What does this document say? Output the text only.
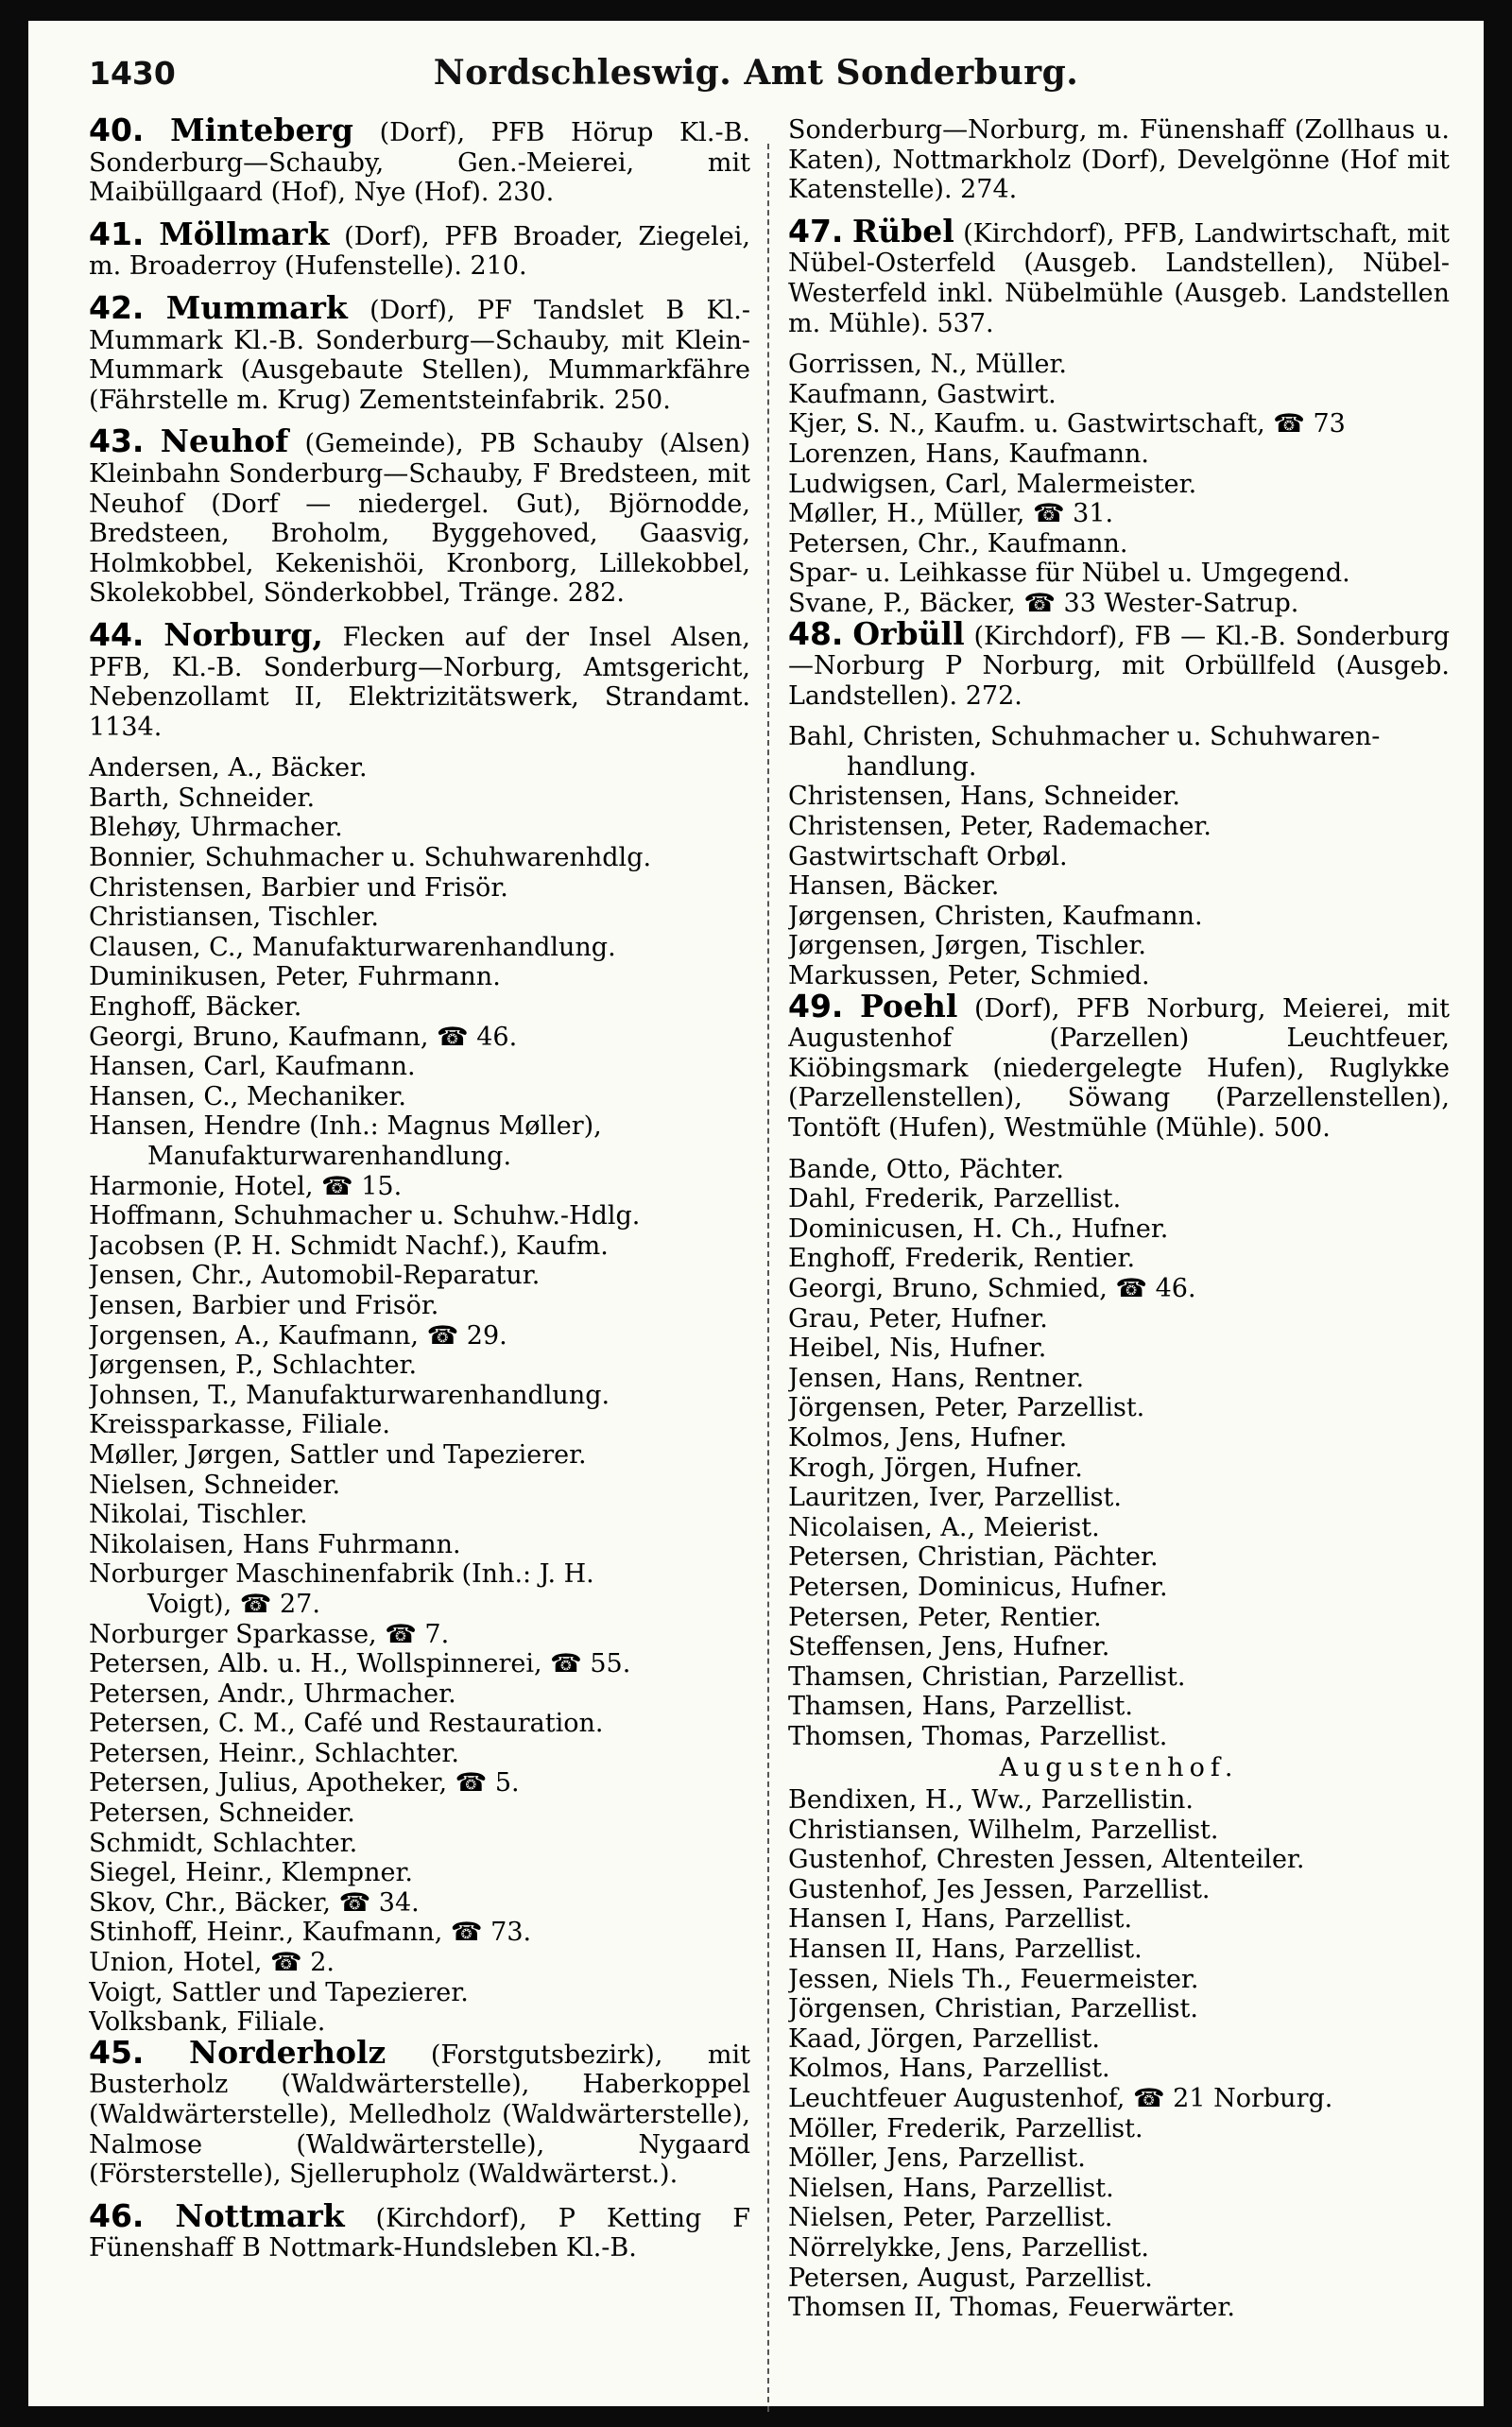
1430	Nordschleswig. Amt Sonderburg.
40. Minteberg (Dorf), PFB Hörup Kl.-B. Sonderburg—Schauby, Gen.-Meierei, mit Maibüllgaard (Hof), Nye (Hof). 230.
41. Möllmark (Dorf), PFB Broader, Ziegelei, m. Broaderroy (Hufenstelle). 210.
42. Mummark (Dorf), PF Tandslet B Kl.-Mummark Kl.-B. Sonderburg—Schauby, mit Klein-Mummark (Ausgebaute Stellen), Mummarkfähre (Fährstelle m. Krug) Zementsteinfabrik. 250.
43. Neuhof (Gemeinde), PB Schauby (Alsen) Kleinbahn Sonderburg—Schauby, F Bredsteen, mit Neuhof (Dorf — niedergel. Gut), Björnodde, Bredsteen, Broholm, Byggehoved, Gaasvig, Holmkobbel, Kekenishöi, Kronborg, Lillekobbel, Skolekobbel, Sönderkobbel, Tränge. 282.
44. Norburg, Flecken auf der Insel Alsen, PFB, Kl.-B. Sonderburg—Norburg, Amtsgericht, Nebenzollamt II, Elektrizitätswerk, Strandamt. 1134.
Andersen, A., Bäcker.
Barth, Schneider.
Blehøy, Uhrmacher.
Bonnier, Schuhmacher u. Schuhwarenhdlg.
Christensen, Barbier und Frisör.
Christiansen, Tischler.
Clausen, C., Manufakturwarenhandlung.
Duminikusen, Peter, Fuhrmann.
Enghoff, Bäcker.
Georgi, Bruno, Kaufmann, ☎ 46.
Hansen, Carl, Kaufmann.
Hansen, C., Mechaniker.
Hansen, Hendre (Inh.: Magnus Møller),
Manufakturwarenhandlung.
Harmonie, Hotel, ☎ 15.
Hoffmann, Schuhmacher u. Schuhw.-Hdlg.
Jacobsen (P. H. Schmidt Nachf.), Kaufm.
Jensen, Chr., Automobil-Reparatur.
Jensen, Barbier und Frisör.
Jorgensen, A., Kaufmann, ☎ 29.
Jørgensen, P., Schlachter.
Johnsen, T., Manufakturwarenhandlung.
Kreissparkasse, Filiale.
Møller, Jørgen, Sattler und Tapezierer.
Nielsen, Schneider.
Nikolai, Tischler.
Nikolaisen, Hans Fuhrmann.
Norburger Maschinenfabrik (Inh.: J. H.
Voigt), ☎ 27.
Norburger Sparkasse, ☎ 7.
Petersen, Alb. u. H., Wollspinnerei, ☎ 55.
Petersen, Andr., Uhrmacher.
Petersen, C. M., Café und Restauration.
Petersen, Heinr., Schlachter.
Petersen, Julius, Apotheker, ☎ 5.
Petersen, Schneider.
Schmidt, Schlachter.
Siegel, Heinr., Klempner.
Skov, Chr., Bäcker, ☎ 34.
Stinhoff, Heinr., Kaufmann, ☎ 73.
Union, Hotel, ☎ 2.
Voigt, Sattler und Tapezierer.
Volksbank, Filiale.
45. Norderholz (Forstgutsbezirk), mit Busterholz (Waldwärterstelle), Haberkoppel (Waldwärterstelle), Melledholz (Waldwärterstelle), Nalmose (Waldwärterstelle), Nygaard (Försterstelle), Sjellerupholz (Waldwärterst.).
46. Nottmark (Kirchdorf), P Ketting F Fünenshaff B Nottmark-Hundsleben Kl.-B.
Sonderburg—Norburg, m. Fünenshaff (Zollhaus u. Katen), Nottmarkholz (Dorf), Develgönne (Hof mit Katenstelle). 274.
47. Rübel (Kirchdorf), PFB, Landwirtschaft, mit Nübel-Osterfeld (Ausgeb. Landstellen), Nübel-Westerfeld inkl. Nübelmühle (Ausgeb. Landstellen m. Mühle). 537.
Gorrissen, N., Müller.
Kaufmann, Gastwirt.
Kjer, S. N., Kaufm. u. Gastwirtschaft, ☎ 73
Lorenzen, Hans, Kaufmann.
Ludwigsen, Carl, Malermeister.
Møller, H., Müller, ☎ 31.
Petersen, Chr., Kaufmann.
Spar- u. Leihkasse für Nübel u. Umgegend.
Svane, P., Bäcker, ☎ 33 Wester-Satrup.
48. Orbüll (Kirchdorf), FB — Kl.-B. Sonderburg—Norburg P Norburg, mit Orbüllfeld (Ausgeb. Landstellen). 272.
Bahl, Christen, Schuhmacher u. Schuhwaren-
handlung.
Christensen, Hans, Schneider.
Christensen, Peter, Rademacher.
Gastwirtschaft Orbøl.
Hansen, Bäcker.
Jørgensen, Christen, Kaufmann.
Jørgensen, Jørgen, Tischler.
Markussen, Peter, Schmied.
49. Poehl (Dorf), PFB Norburg, Meierei, mit Augustenhof (Parzellen) Leuchtfeuer, Kiöbingsmark (niedergelegte Hufen), Ruglykke (Parzellenstellen), Söwang (Parzellenstellen), Tontöft (Hufen), Westmühle (Mühle). 500.
Bande, Otto, Pächter.
Dahl, Frederik, Parzellist.
Dominicusen, H. Ch., Hufner.
Enghoff, Frederik, Rentier.
Georgi, Bruno, Schmied, ☎ 46.
Grau, Peter, Hufner.
Heibel, Nis, Hufner.
Jensen, Hans, Rentner.
Jörgensen, Peter, Parzellist.
Kolmos, Jens, Hufner.
Krogh, Jörgen, Hufner.
Lauritzen, Iver, Parzellist.
Nicolaisen, A., Meierist.
Petersen, Christian, Pächter.
Petersen, Dominicus, Hufner.
Petersen, Peter, Rentier.
Steffensen, Jens, Hufner.
Thamsen, Christian, Parzellist.
Thamsen, Hans, Parzellist.
Thomsen, Thomas, Parzellist.
Augustenhof.
Bendixen, H., Ww., Parzellistin.
Christiansen, Wilhelm, Parzellist.
Gustenhof, Chresten Jessen, Altenteiler.
Gustenhof, Jes Jessen, Parzellist.
Hansen I, Hans, Parzellist.
Hansen II, Hans, Parzellist.
Jessen, Niels Th., Feuermeister.
Jörgensen, Christian, Parzellist.
Kaad, Jörgen, Parzellist.
Kolmos, Hans, Parzellist.
Leuchtfeuer Augustenhof, ☎ 21 Norburg.
Möller, Frederik, Parzellist.
Möller, Jens, Parzellist.
Nielsen, Hans, Parzellist.
Nielsen, Peter, Parzellist.
Nörrelykke, Jens, Parzellist.
Petersen, August, Parzellist.
Thomsen II, Thomas, Feuerwärter.
